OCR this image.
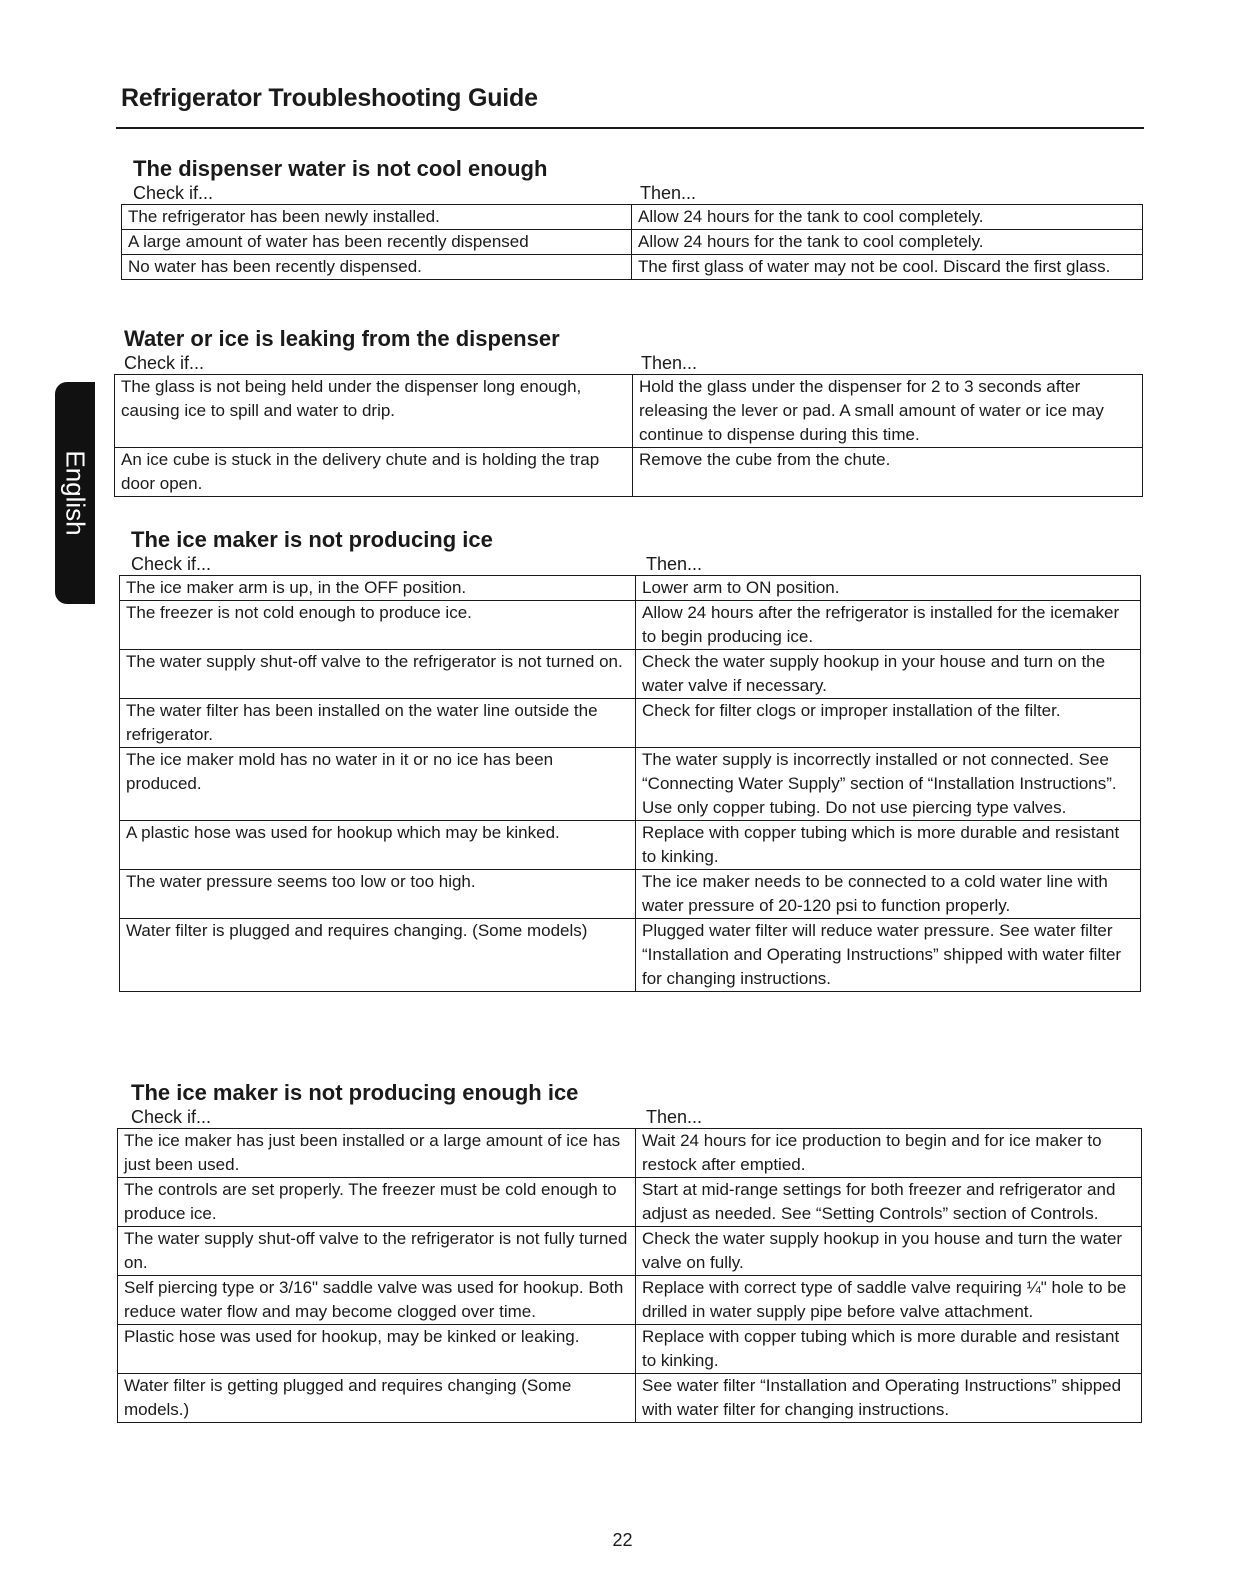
Refrigerator Troubleshooting Guide
English
The dispenser water is not cool enough
Check if...	Then...
The refrigerator has been newly installed.	Allow 24 hours for the tank to cool completely.
A large amount of water has been recently dispensed	Allow 24 hours for the tank to cool completely.
No water has been recently dispensed.	The first glass of water may not be cool. Discard the first glass.
Water or ice is leaking from the dispenser
Check if...	Then...
The glass is not being held under the dispenser long enough, causing ice to spill and water to drip.	Hold the glass under the dispenser for 2 to 3 seconds after releasing the lever or pad. A small amount of water or ice may continue to dispense during this time.
An ice cube is stuck in the delivery chute and is holding the trap door open.	Remove the cube from the chute.
The ice maker is not producing ice
Check if...	Then...
The ice maker arm is up, in the OFF position.	Lower arm to ON position.
The freezer is not cold enough to produce ice.	Allow 24 hours after the refrigerator is installed for the icemaker to begin producing ice.
The water supply shut-off valve to the refrigerator is not turned on.	Check the water supply hookup in your house and turn on the water valve if necessary.
The water filter has been installed on the water line outside the refrigerator.	Check for filter clogs or improper installation of the filter.
The ice maker mold has no water in it or no ice has been produced.	The water supply is incorrectly installed or not connected. See “Connecting Water Supply” section of “Installation Instructions”. Use only copper tubing. Do not use piercing type valves.
A plastic hose was used for hookup which may be kinked.	Replace with copper tubing which is more durable and resistant to kinking.
The water pressure seems too low or too high.	The ice maker needs to be connected to a cold water line with water pressure of 20-120 psi to function properly.
Water filter is plugged and requires changing. (Some models)	Plugged water filter will reduce water pressure. See water filter “Installation and Operating Instructions” shipped with water filter for changing instructions.
The ice maker is not producing enough ice
Check if...	Then...
The ice maker has just been installed or a large amount of ice has just been used.	Wait 24 hours for ice production to begin and for ice maker to restock after emptied.
The controls are set properly. The freezer must be cold enough to produce ice.	Start at mid-range settings for both freezer and refrigerator and adjust as needed. See “Setting Controls” section of Controls.
The water supply shut-off valve to the refrigerator is not fully turned on.	Check the water supply hookup in you house and turn the water valve on fully.
Self piercing type or 3/16" saddle valve was used for hookup. Both reduce water flow and may become clogged over time.	Replace with correct type of saddle valve requiring ¼" hole to be drilled in water supply pipe before valve attachment.
Plastic hose was used for hookup, may be kinked or leaking.	Replace with copper tubing which is more durable and resistant to kinking.
Water filter is getting plugged and requires changing (Some models.)	See water filter “Installation and Operating Instructions” shipped with water filter for changing instructions.
22
